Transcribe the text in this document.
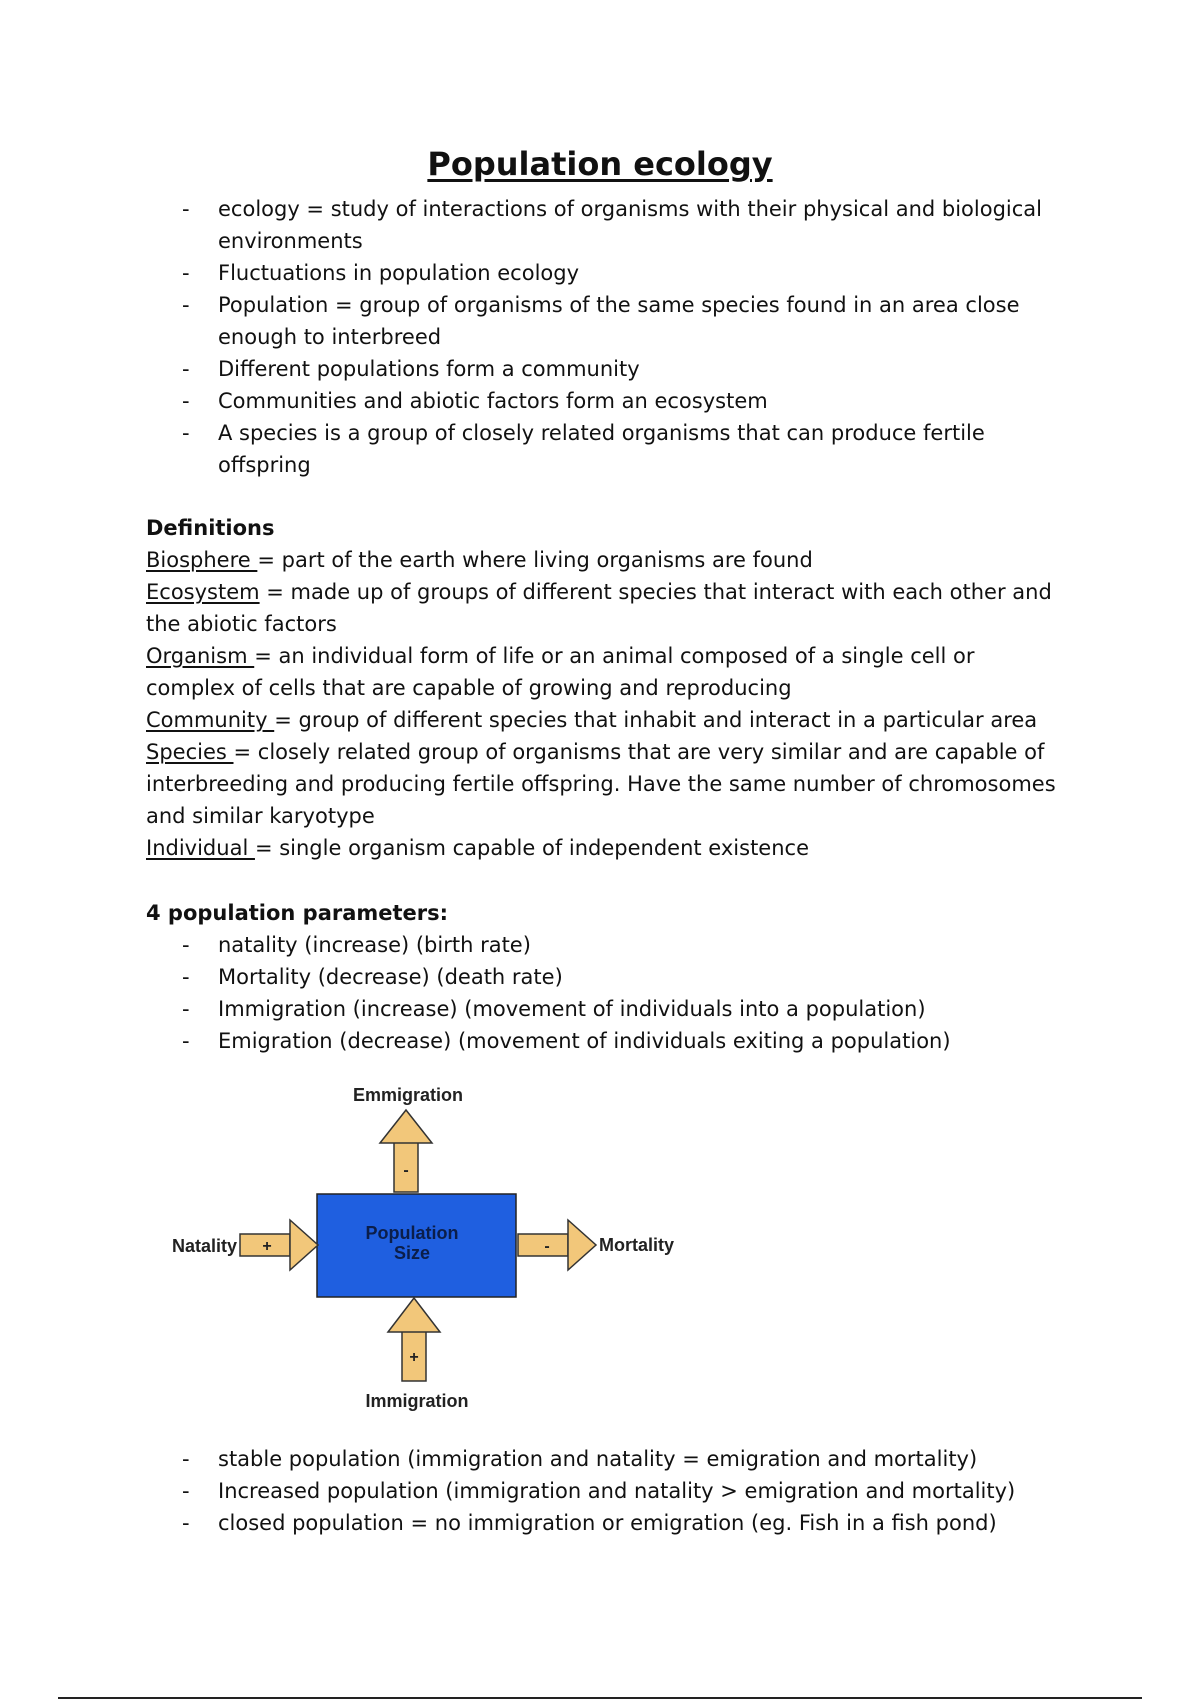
Population ecology
- ecology = study of interactions of organisms with their physical and biological environments
- Fluctuations in population ecology
- Population = group of organisms of the same species found in an area close enough to interbreed
- Different populations form a community
- Communities and abiotic factors form an ecosystem
- A species is a group of closely related organisms that can produce fertile offspring
Definitions
Biosphere = part of the earth where living organisms are found
Ecosystem = made up of groups of different species that interact with each other and the abiotic factors
Organism = an individual form of life or an animal composed of a single cell or complex of cells that are capable of growing and reproducing
Community = group of different species that inhabit and interact in a particular area
Species = closely related group of organisms that are very similar and are capable of interbreeding and producing fertile offspring. Have the same number of chromosomes and similar karyotype
Individual = single organism capable of independent existence
4 population parameters:
- natality (increase) (birth rate)
- Mortality (decrease) (death rate)
- Immigration (increase) (movement of individuals into a population)
- Emigration (decrease) (movement of individuals exiting a population)
-
Emmigration
Population
Size
+
Natality	-	Mortality
+
Immigration
- stable population (immigration and natality = emigration and mortality)
- Increased population (immigration and natality > emigration and mortality)
- closed population = no immigration or emigration (eg. Fish in a fish pond)
